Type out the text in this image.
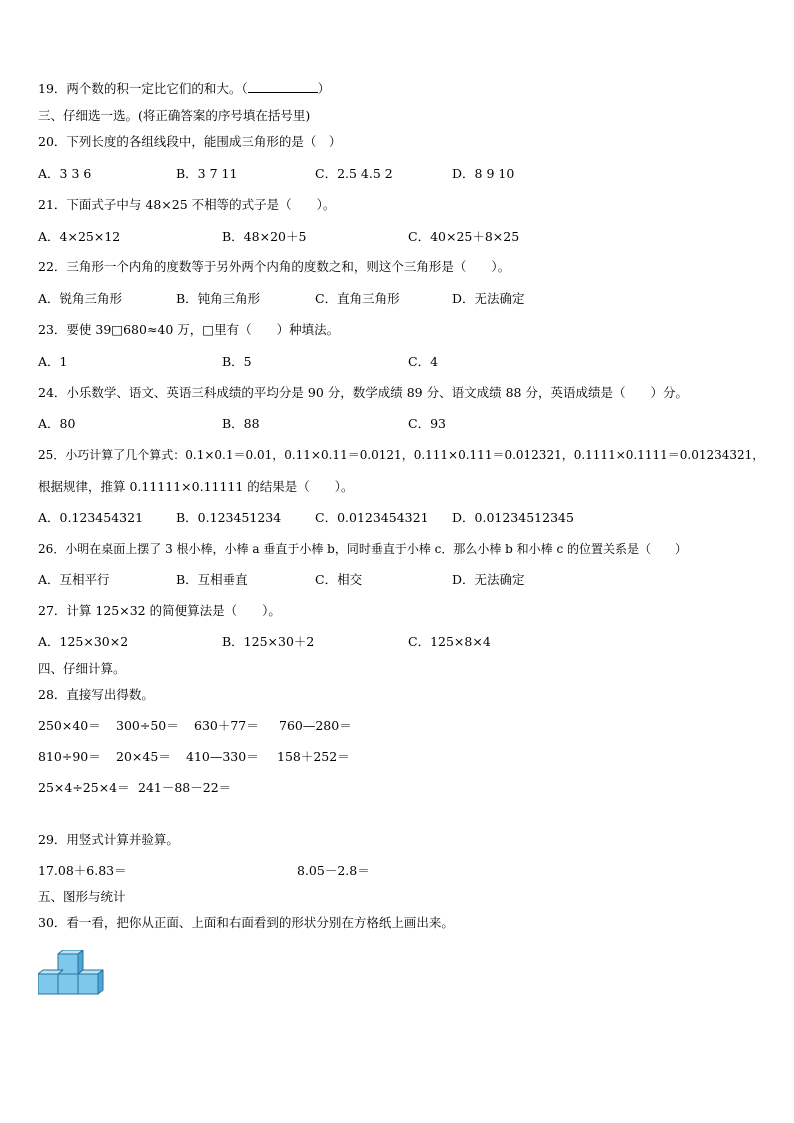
19．两个数的积一定比它们的和大。（	）
三、仔细选一选。(将正确答案的序号填在括号里)
20．下列长度的各组线段中，能围成三角形的是（　）
A．3 3 6	B．3 7 11	C．2.5 4.5 2	D．8 9 10
21．下面式子中与 48×25 不相等的式子是（　　）。
A．4×25×12	B．48×20＋5	C．40×25＋8×25
22．三角形一个内角的度数等于另外两个内角的度数之和，则这个三角形是（　　）。
A．锐角三角形	B．钝角三角形	C．直角三角形	D．无法确定
23．要使 39□680≈40 万，□里有（　　）种填法。
A．1	B．5	C．4
24．小乐数学、语文、英语三科成绩的平均分是 90 分，数学成绩 89 分、语文成绩 88 分，英语成绩是（　　）分。
A．80	B．88	C．93
25．小巧计算了几个算式：0.1×0.1＝0.01，0.11×0.11＝0.0121，0.111×0.111＝0.012321，0.1111×0.1111＝0.01234321，
根据规律，推算 0.11111×0.11111 的结果是（　　）。
A．0.123454321	B．0.123451234	C．0.0123454321 D．0.01234512345
26．小明在桌面上摆了 3 根小棒，小棒 a 垂直于小棒 b，同时垂直于小棒 c．那么小棒 b 和小棒 c 的位置关系是（　　）
A．互相平行	B．互相垂直	C．相交	D．无法确定
27．计算 125×32 的简便算法是（　　）。
A．125×30×2	B．125×30＋2	C．125×8×4
四、仔细计算。
28．直接写出得数。
250×40＝ 300÷50＝ 630＋77＝ 760—280＝
810÷90＝ 20×45＝ 410—330＝ 158＋252＝
25×4÷25×4＝ 241－88－22＝
29．用竖式计算并验算。
17.08＋6.83＝	8.05－2.8＝
五、图形与统计
30．看一看，把你从正面、上面和右面看到的形状分别在方格纸上画出来。
